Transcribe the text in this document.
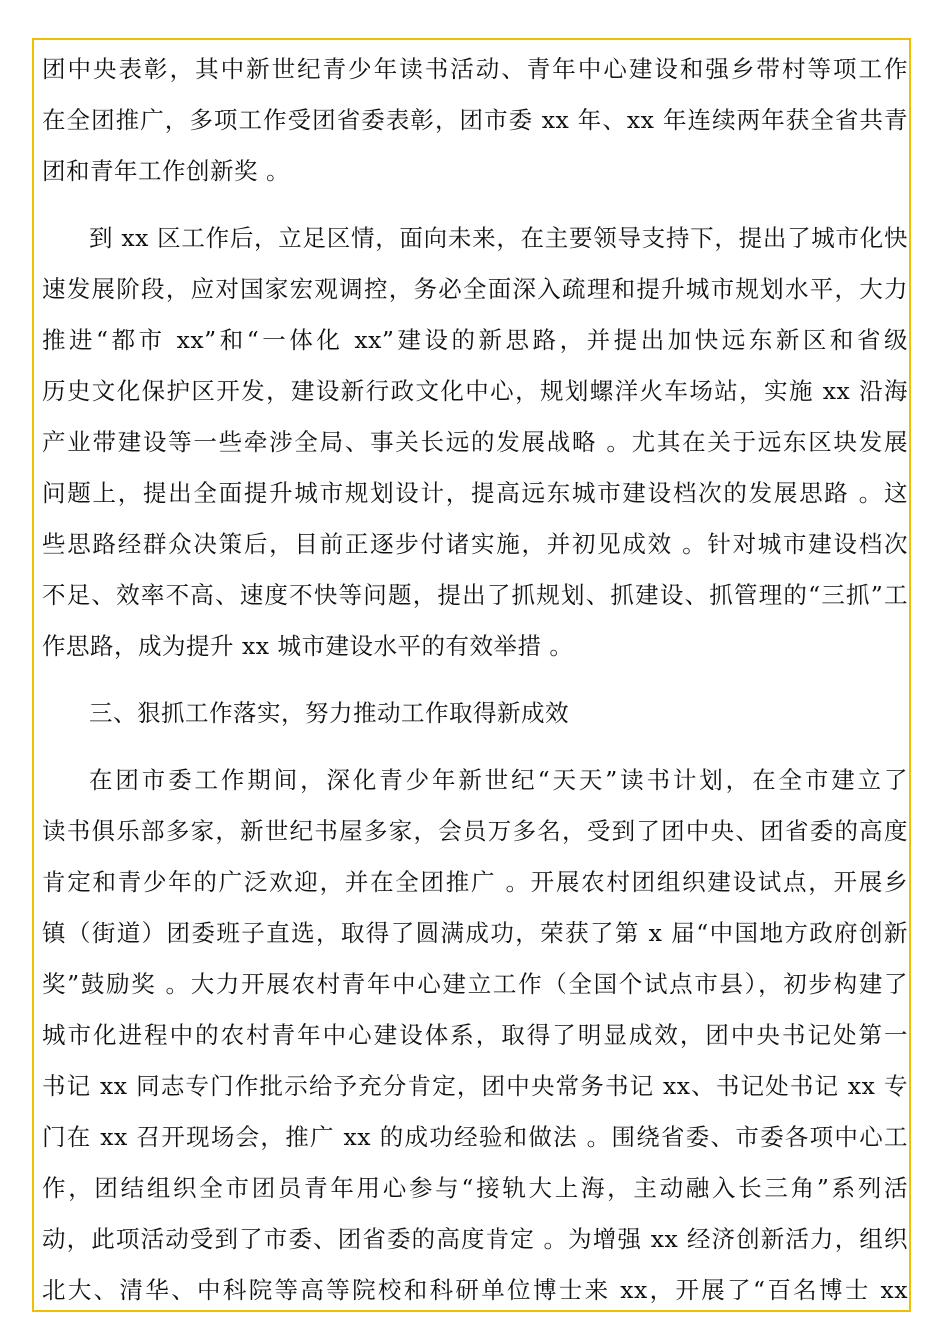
团中央表彰，其中新世纪青少年读书活动、青年中心建设和强乡带村等项工作
在全团推广，多项工作受团省委表彰，团市委 xx 年、xx 年连续两年获全省共青
团和青年工作创新奖 。
到 xx 区工作后，立足区情，面向未来，在主要领导支持下，提出了城市化快
速发展阶段，应对国家宏观调控，务必全面深入疏理和提升城市规划水平，大力
推进“都市 xx”和“一体化 xx”建设的新思路，并提出加快远东新区和省级
历史文化保护区开发，建设新行政文化中心，规划螺洋火车场站，实施 xx 沿海
产业带建设等一些牵涉全局、事关长远的发展战略 。尤其在关于远东区块发展
问题上，提出全面提升城市规划设计，提高远东城市建设档次的发展思路 。这
些思路经群众决策后，目前正逐步付诸实施，并初见成效 。针对城市建设档次
不足、效率不高、速度不快等问题，提出了抓规划、抓建设、抓管理的“三抓”工
作思路，成为提升 xx 城市建设水平的有效举措 。
三、狠抓工作落实，努力推动工作取得新成效
在团市委工作期间，深化青少年新世纪“天天”读书计划，在全市建立了
读书俱乐部多家，新世纪书屋多家，会员万多名，受到了团中央、团省委的高度
肯定和青少年的广泛欢迎，并在全团推广 。开展农村团组织建设试点，开展乡
镇（街道）团委班子直选，取得了圆满成功，荣获了第 x 届“中国地方政府创新
奖”鼓励奖 。大力开展农村青年中心建立工作（全国个试点市县），初步构建了
城市化进程中的农村青年中心建设体系，取得了明显成效，团中央书记处第一
书记 xx 同志专门作批示给予充分肯定，团中央常务书记 xx、书记处书记 xx 专
门在 xx 召开现场会，推广 xx 的成功经验和做法 。围绕省委、市委各项中心工
作，团结组织全市团员青年用心参与“接轨大上海，主动融入长三角”系列活
动，此项活动受到了市委、团省委的高度肯定 。为增强 xx 经济创新活力，组织
北大、清华、中科院等高等院校和科研单位博士来 xx，开展了“百名博士 xx
